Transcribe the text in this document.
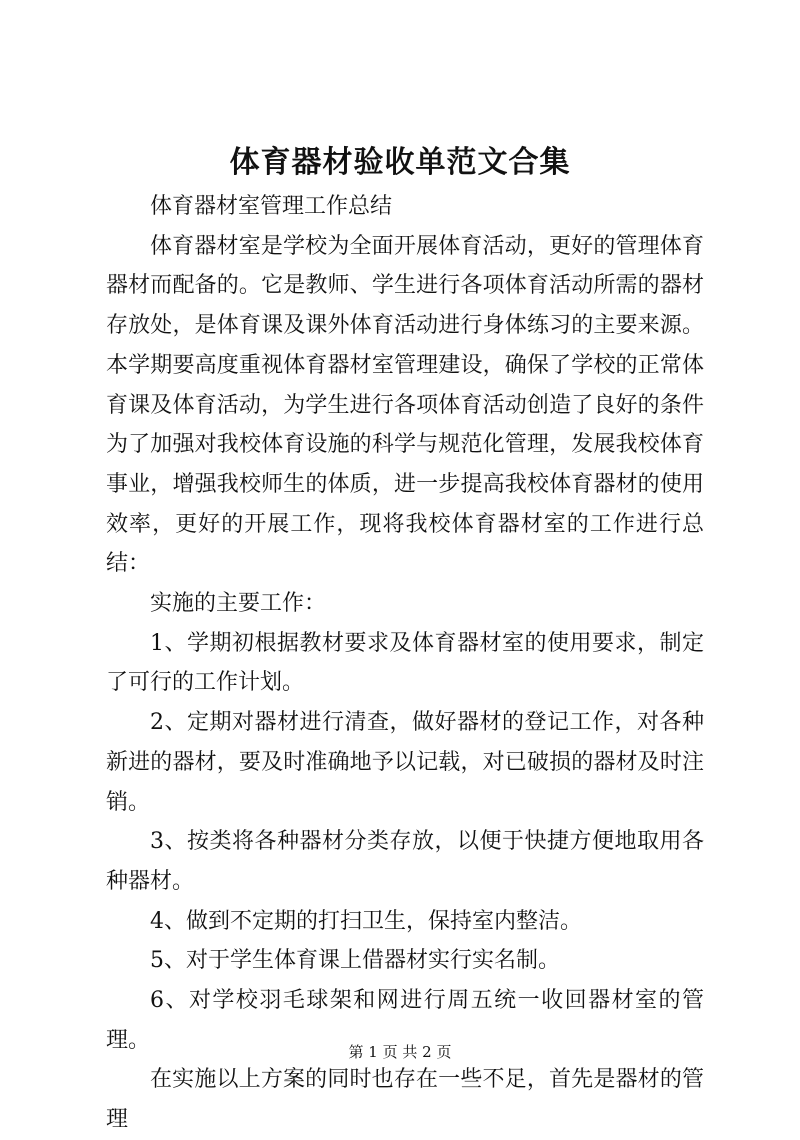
体育器材验收单范文合集

体育器材室管理工作总结

体育器材室是学校为全面开展体育活动，更好的管理体育器材而配备的。它是教师、学生进行各项体育活动所需的器材存放处，是体育课及课外体育活动进行身体练习的主要来源。本学期要高度重视体育器材室管理建设，确保了学校的正常体育课及体育活动，为学生进行各项体育活动创造了良好的条件为了加强对我校体育设施的科学与规范化管理，发展我校体育事业，增强我校师生的体质，进一步提高我校体育器材的使用效率，更好的开展工作，现将我校体育器材室的工作进行总结：

实施的主要工作：

1、学期初根据教材要求及体育器材室的使用要求，制定了可行的工作计划。

2、定期对器材进行清查，做好器材的登记工作，对各种新进的器材，要及时准确地予以记载，对已破损的器材及时注销。

3、按类将各种器材分类存放，以便于快捷方便地取用各种器材。

4、做到不定期的打扫卫生，保持室内整洁。

5、对于学生体育课上借器材实行实名制。

6、对学校羽毛球架和网进行周五统一收回器材室的管理。

在实施以上方案的同时也存在一些不足，首先是器材的管理

第 1 页 共 2 页
